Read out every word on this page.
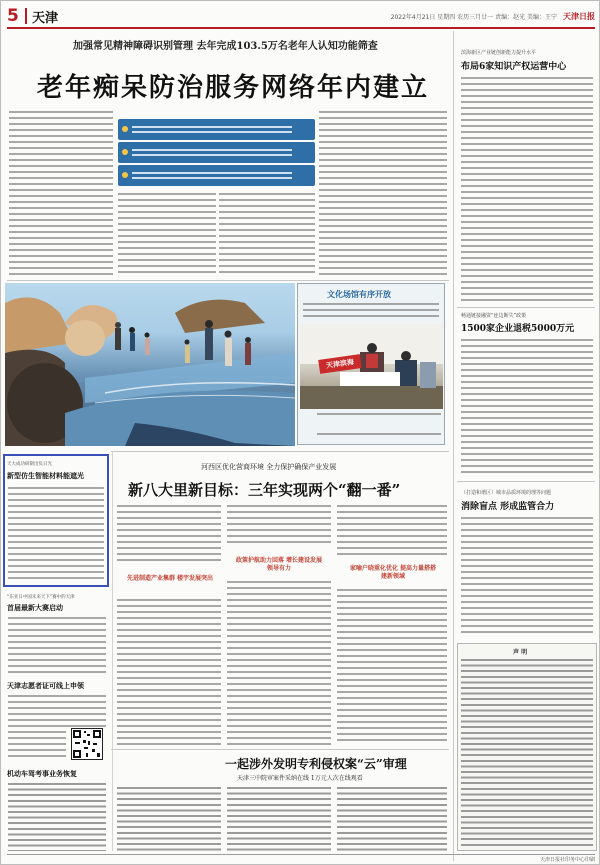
5	天津	2022年4月21日 星期四 农历三月廿一 责编：赵光 美编：王宁 天津日报
加强常见精神障碍识别管理 去年完成103.5万名老年人认知功能筛查
老年痴呆防治服务网络年内建立
文化场馆有序开放
天津滨海
河西区优化营商环境 全力保护确保产业发展
新八大里新目标：三年实现两个“翻一番”
先进制造产业集群 楼宇发展突出
政策护航助力回落 增长建设发展领导有力	家喻户晓重化优化 提高力量搭搭建新领域
一起涉外发明专利侵权案“云”审理
天津三中院审案件采纳在线 1万元人次在线观看
天大成功研制出负日光
新型仿生智能材料能遮光
“东亚日中国未来天下”赛中的天津
首届最新大赛启动
天津志愿者证可线上申领
机动车驾考事业务恢复
滨海新区产业链创新能力提升水平
布局6家知识产权运营中心
畅通链接融资“连边断失”政策
1500家企业退税5000万元
（打造和谐区）城市品质环境的理等问题
消除盲点 形成监管合力
声 明
天津日报社印务中心印刷
